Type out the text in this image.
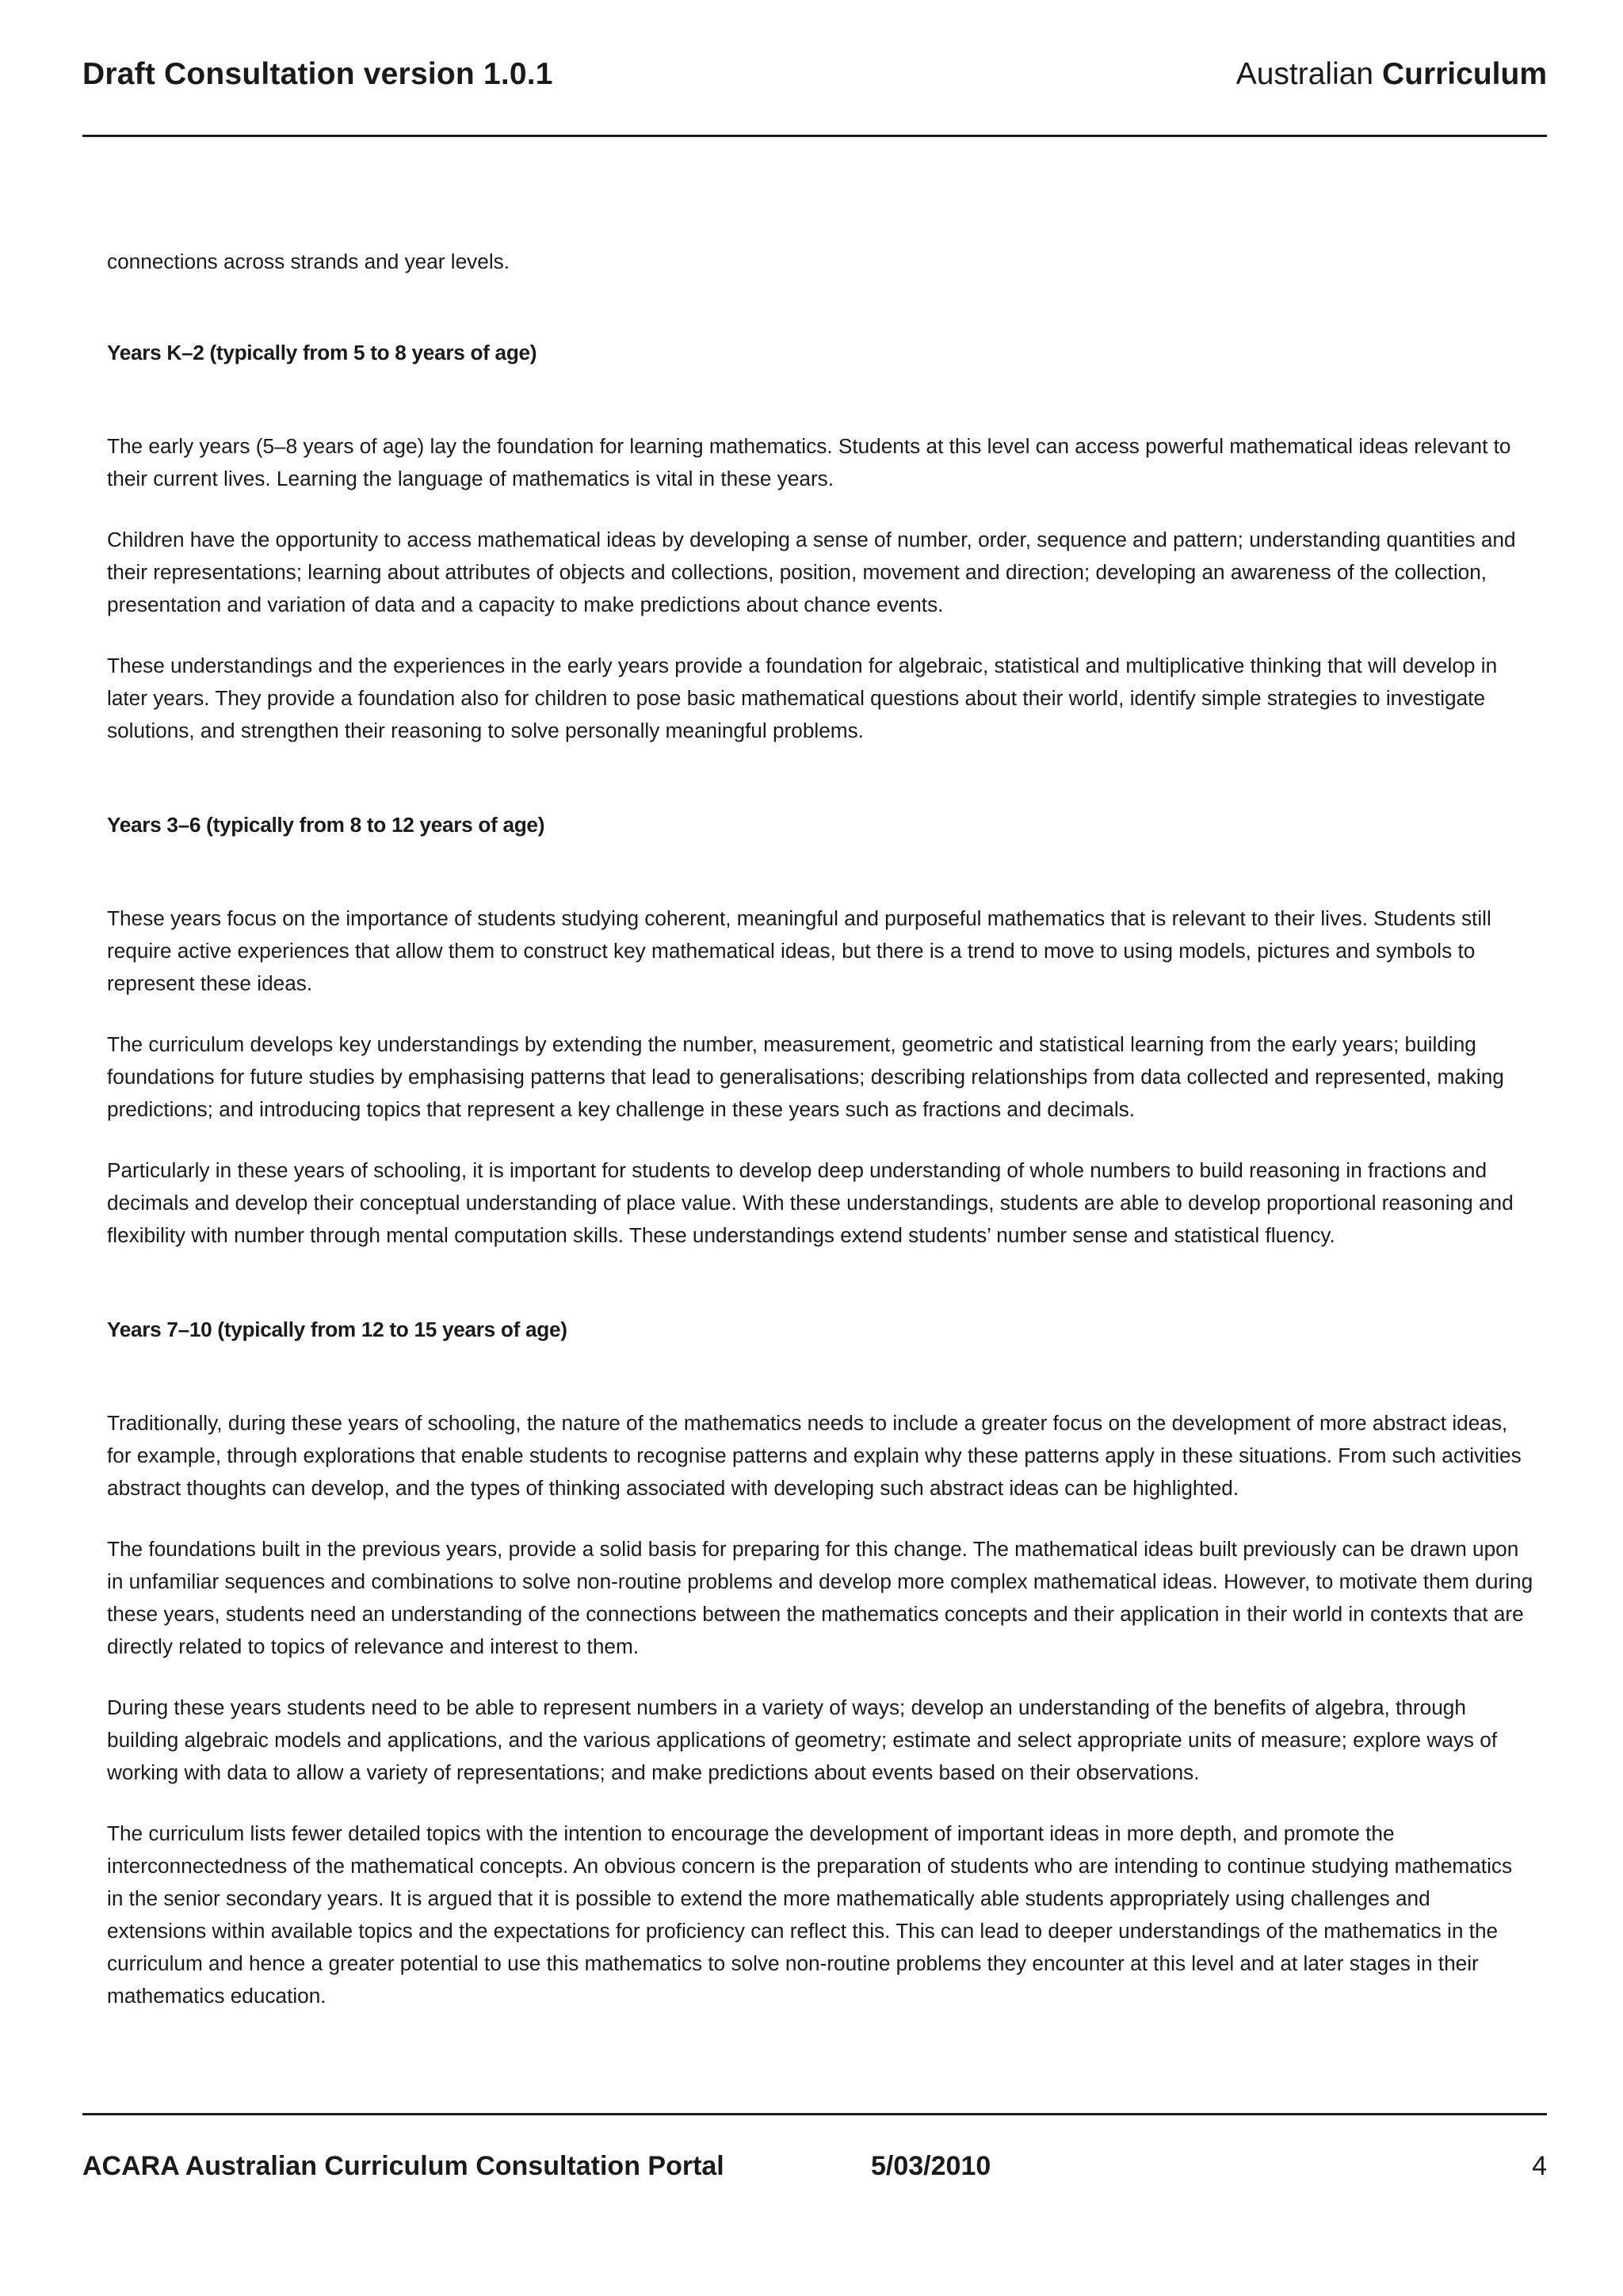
Draft Consultation version 1.0.1	Australian Curriculum

connections across strands and year levels.

Years K–2 (typically from 5 to 8 years of age)

The early years (5–8 years of age) lay the foundation for learning mathematics. Students at this level can access powerful mathematical ideas relevant to their current lives. Learning the language of mathematics is vital in these years.

Children have the opportunity to access mathematical ideas by developing a sense of number, order, sequence and pattern; understanding quantities and their representations; learning about attributes of objects and collections, position, movement and direction; developing an awareness of the collection, presentation and variation of data and a capacity to make predictions about chance events.

These understandings and the experiences in the early years provide a foundation for algebraic, statistical and multiplicative thinking that will develop in later years. They provide a foundation also for children to pose basic mathematical questions about their world, identify simple strategies to investigate solutions, and strengthen their reasoning to solve personally meaningful problems.

Years 3–6 (typically from 8 to 12 years of age)

These years focus on the importance of students studying coherent, meaningful and purposeful mathematics that is relevant to their lives. Students still require active experiences that allow them to construct key mathematical ideas, but there is a trend to move to using models, pictures and symbols to represent these ideas.

The curriculum develops key understandings by extending the number, measurement, geometric and statistical learning from the early years; building foundations for future studies by emphasising patterns that lead to generalisations; describing relationships from data collected and represented, making predictions; and introducing topics that represent a key challenge in these years such as fractions and decimals.

Particularly in these years of schooling, it is important for students to develop deep understanding of whole numbers to build reasoning in fractions and decimals and develop their conceptual understanding of place value. With these understandings, students are able to develop proportional reasoning and flexibility with number through mental computation skills. These understandings extend students’ number sense and statistical fluency.

Years 7–10 (typically from 12 to 15 years of age)

Traditionally, during these years of schooling, the nature of the mathematics needs to include a greater focus on the development of more abstract ideas, for example, through explorations that enable students to recognise patterns and explain why these patterns apply in these situations. From such activities abstract thoughts can develop, and the types of thinking associated with developing such abstract ideas can be highlighted.

The foundations built in the previous years, provide a solid basis for preparing for this change. The mathematical ideas built previously can be drawn upon in unfamiliar sequences and combinations to solve non-routine problems and develop more complex mathematical ideas. However, to motivate them during these years, students need an understanding of the connections between the mathematics concepts and their application in their world in contexts that are directly related to topics of relevance and interest to them.

During these years students need to be able to represent numbers in a variety of ways; develop an understanding of the benefits of algebra, through building algebraic models and applications, and the various applications of geometry; estimate and select appropriate units of measure; explore ways of working with data to allow a variety of representations; and make predictions about events based on their observations.

The curriculum lists fewer detailed topics with the intention to encourage the development of important ideas in more depth, and promote the interconnectedness of the mathematical concepts. An obvious concern is the preparation of students who are intending to continue studying mathematics in the senior secondary years. It is argued that it is possible to extend the more mathematically able students appropriately using challenges and extensions within available topics and the expectations for proficiency can reflect this. This can lead to deeper understandings of the mathematics in the curriculum and hence a greater potential to use this mathematics to solve non-routine problems they encounter at this level and at later stages in their mathematics education.

ACARA Australian Curriculum Consultation Portal	5/03/2010	4
